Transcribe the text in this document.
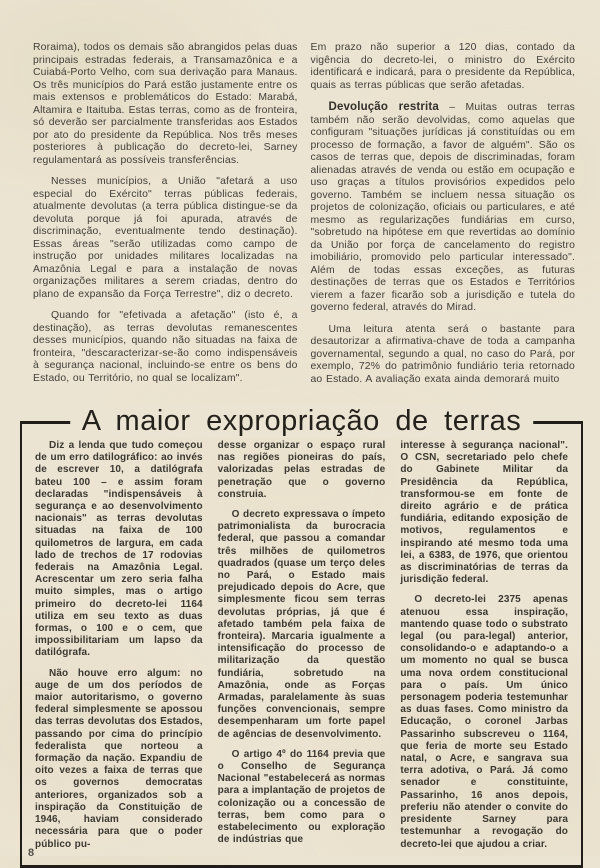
Roraima), todos os demais são abrangidos pelas duas principais estradas federais, a Transamazônica e a Cuiabá-Porto Velho, com sua derivação para Manaus. Os três municípios do Pará estão justamente entre os mais extensos e problemáticos do Estado: Marabá, Altamira e Itaituba. Estas terras, como as de fronteira, só deverão ser parcialmente transferidas aos Estados por ato do presidente da República. Nos três meses posteriores à publicação do decreto-lei, Sarney regulamentará as possíveis transferências.

Nesses municípios, a União "afetará a uso especial do Exército" terras públicas federais, atualmente devolutas (a terra pública distingue-se da devoluta porque já foi apurada, através de discriminação, eventualmente tendo destinação). Essas áreas "serão utilizadas como campo de instrução por unidades militares localizadas na Amazônia Legal e para a instalação de novas organizações militares a serem criadas, dentro do plano de expansão da Força Terrestre", diz o decreto.

Quando for "efetivada a afetação" (isto é, a destinação), as terras devolutas remanescentes desses municípios, quando não situadas na faixa de fronteira, "descaracterizar-se-ão como indispensáveis à segurança nacional, incluindo-se entre os bens do Estado, ou Território, no qual se localizam".

Em prazo não superior a 120 dias, contado da vigência do decreto-lei, o ministro do Exército identificará e indicará, para o presidente da República, quais as terras públicas que serão afetadas.

Devolução restrita – Muitas outras terras também não serão devolvidas, como aquelas que configuram "situações jurídicas já constituídas ou em processo de formação, a favor de alguém". São os casos de terras que, depois de discriminadas, foram alienadas através de venda ou estão em ocupação e uso graças a títulos provisórios expedidos pelo governo. Também se incluem nessa situação os projetos de colonização, oficiais ou particulares, e até mesmo as regularizações fundiárias em curso, "sobretudo na hipótese em que revertidas ao domínio da União por força de cancelamento do registro imobiliário, promovido pelo particular interessado". Além de todas essas exceções, as futuras destinações de terras que os Estados e Territórios vierem a fazer ficarão sob a jurisdição e tutela do governo federal, através do Mirad.

Uma leitura atenta será o bastante para desautorizar a afirmativa-chave de toda a campanha governamental, segundo a qual, no caso do Pará, por exemplo, 72% do patrimônio fundiário teria retornado ao Estado. A avaliação exata ainda demorará muito

A maior expropriação de terras

Diz a lenda que tudo começou de um erro datilográfico: ao invés de escrever 10, a datilógrafa bateu 100 – e assim foram declaradas "indispensáveis à segurança e ao desenvolvimento nacionais" as terras devolutas situadas na faixa de 100 quilometros de largura, em cada lado de trechos de 17 rodovias federais na Amazônia Legal. Acrescentar um zero seria falha muito simples, mas o artigo primeiro do decreto-lei 1164 utiliza em seu texto as duas formas, o 100 e o cem, que impossibilitariam um lapso da datilógrafa.

Não houve erro algum: no auge de um dos períodos de maior autoritarismo, o governo federal simplesmente se apossou das terras devolutas dos Estados, passando por cima do princípio federalista que norteou a formação da nação. Expandiu de oito vezes a faixa de terras que os governos democratas anteriores, organizados sob a inspiração da Constituição de 1946, haviam considerado necessária para que o poder público pu-

desse organizar o espaço rural nas regiões pioneiras do país, valorizadas pelas estradas de penetração que o governo construia.

O decreto expressava o ímpeto patrimonialista da burocracia federal, que passou a comandar três milhões de quilometros quadrados (quase um terço deles no Pará, o Estado mais prejudicado depois do Acre, que simplesmente ficou sem terras devolutas próprias, já que é afetado também pela faixa de fronteira). Marcaria igualmente a intensificação do processo de militarização da questão fundiária, sobretudo na Amazônia, onde as Forças Armadas, paralelamente às suas funções convencionais, sempre desempenharam um forte papel de agências de desenvolvimento.

O artigo 4º do 1164 previa que o Conselho de Segurança Nacional "estabelecerá as normas para a implantação de projetos de colonização ou a concessão de terras, bem como para o estabelecimento ou exploração de indústrias que

interesse à segurança nacional". O CSN, secretariado pelo chefe do Gabinete Militar da Presidência da República, transformou-se em fonte de direito agrário e de prática fundiária, editando exposição de motivos, regulamentos e inspirando até mesmo toda uma lei, a 6383, de 1976, que orientou as discriminatórias de terras da jurisdição federal.

O decreto-lei 2375 apenas atenuou essa inspiração, mantendo quase todo o substrato legal (ou para-legal) anterior, consolidando-o e adaptando-o a um momento no qual se busca uma nova ordem constitucional para o país. Um único personagem poderia testemunhar as duas fases. Como ministro da Educação, o coronel Jarbas Passarinho subscreveu o 1164, que feria de morte seu Estado natal, o Acre, e sangrava sua terra adotiva, o Pará. Já como senador e constituinte, Passarinho, 16 anos depois, preferiu não atender o convite do presidente Sarney para testemunhar a revogação do decreto-lei que ajudou a criar.

8
